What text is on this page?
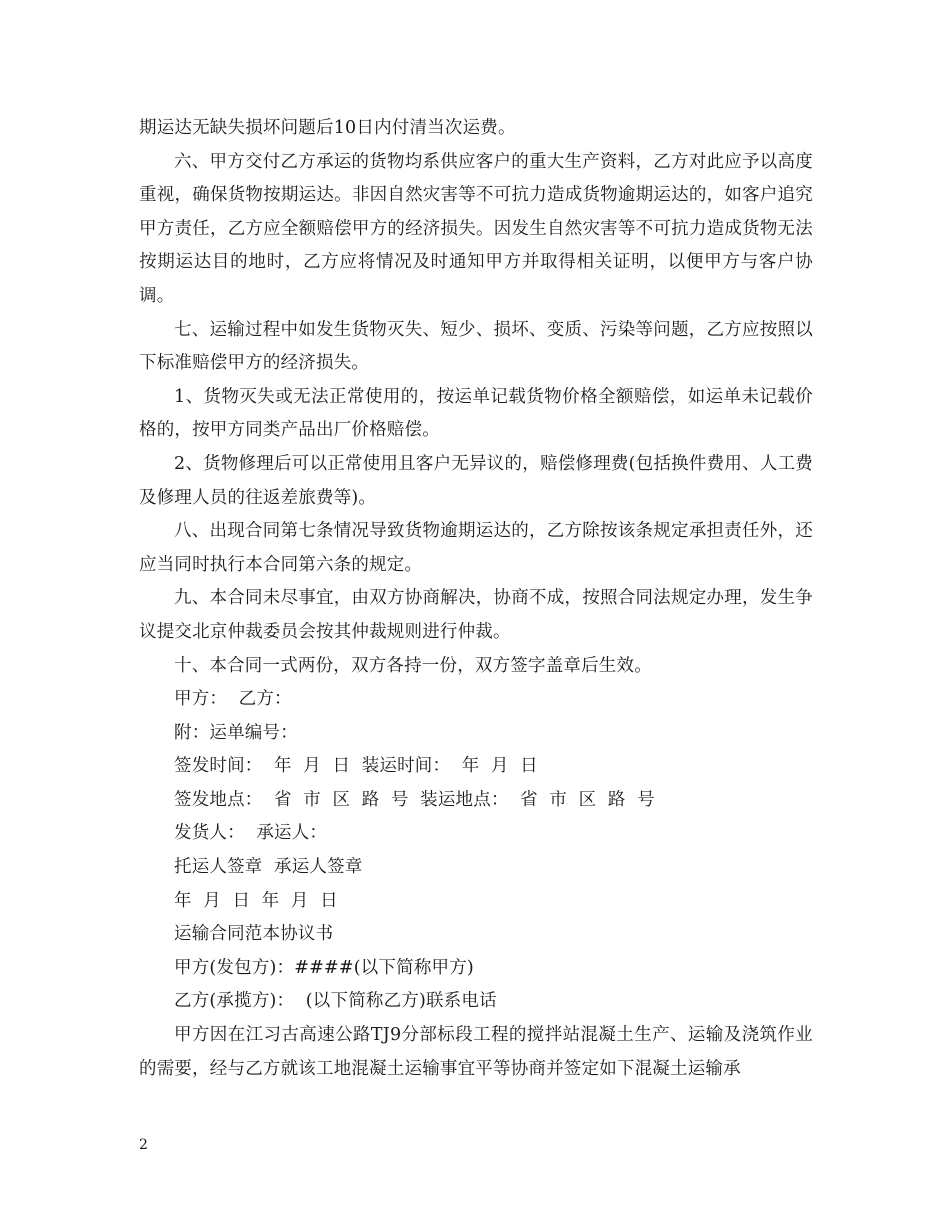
期运达无缺失损坏问题后10日内付清当次运费。

六、甲方交付乙方承运的货物均系供应客户的重大生产资料，乙方对此应予以高度重视，确保货物按期运达。非因自然灾害等不可抗力造成货物逾期运达的，如客户追究甲方责任，乙方应全额赔偿甲方的经济损失。因发生自然灾害等不可抗力造成货物无法按期运达目的地时，乙方应将情况及时通知甲方并取得相关证明，以便甲方与客户协调。

七、运输过程中如发生货物灭失、短少、损坏、变质、污染等问题，乙方应按照以下标准赔偿甲方的经济损失。

1、货物灭失或无法正常使用的，按运单记载货物价格全额赔偿，如运单未记载价格的，按甲方同类产品出厂价格赔偿。

2、货物修理后可以正常使用且客户无异议的，赔偿修理费(包括换件费用、人工费及修理人员的往返差旅费等)。

八、出现合同第七条情况导致货物逾期运达的，乙方除按该条规定承担责任外，还应当同时执行本合同第六条的规定。

九、本合同未尽事宜，由双方协商解决，协商不成，按照合同法规定办理，发生争议提交北京仲裁委员会按其仲裁规则进行仲裁。

十、本合同一式两份，双方各持一份，双方签字盖章后生效。

甲方：  乙方：

附：运单编号：

签发时间：  年  月  日  装运时间：  年  月  日

签发地点：  省  市  区  路  号  装运地点：  省  市  区  路  号

发货人：  承运人：

托运人签章  承运人签章

年  月  日  年  月  日

运输合同范本协议书

甲方(发包方)：####(以下简称甲方)

乙方(承揽方)：  (以下简称乙方)联系电话

甲方因在江习古高速公路TJ9分部标段工程的搅拌站混凝土生产、运输及浇筑作业的需要，经与乙方就该工地混凝土运输事宜平等协商并签定如下混凝土运输承

2
